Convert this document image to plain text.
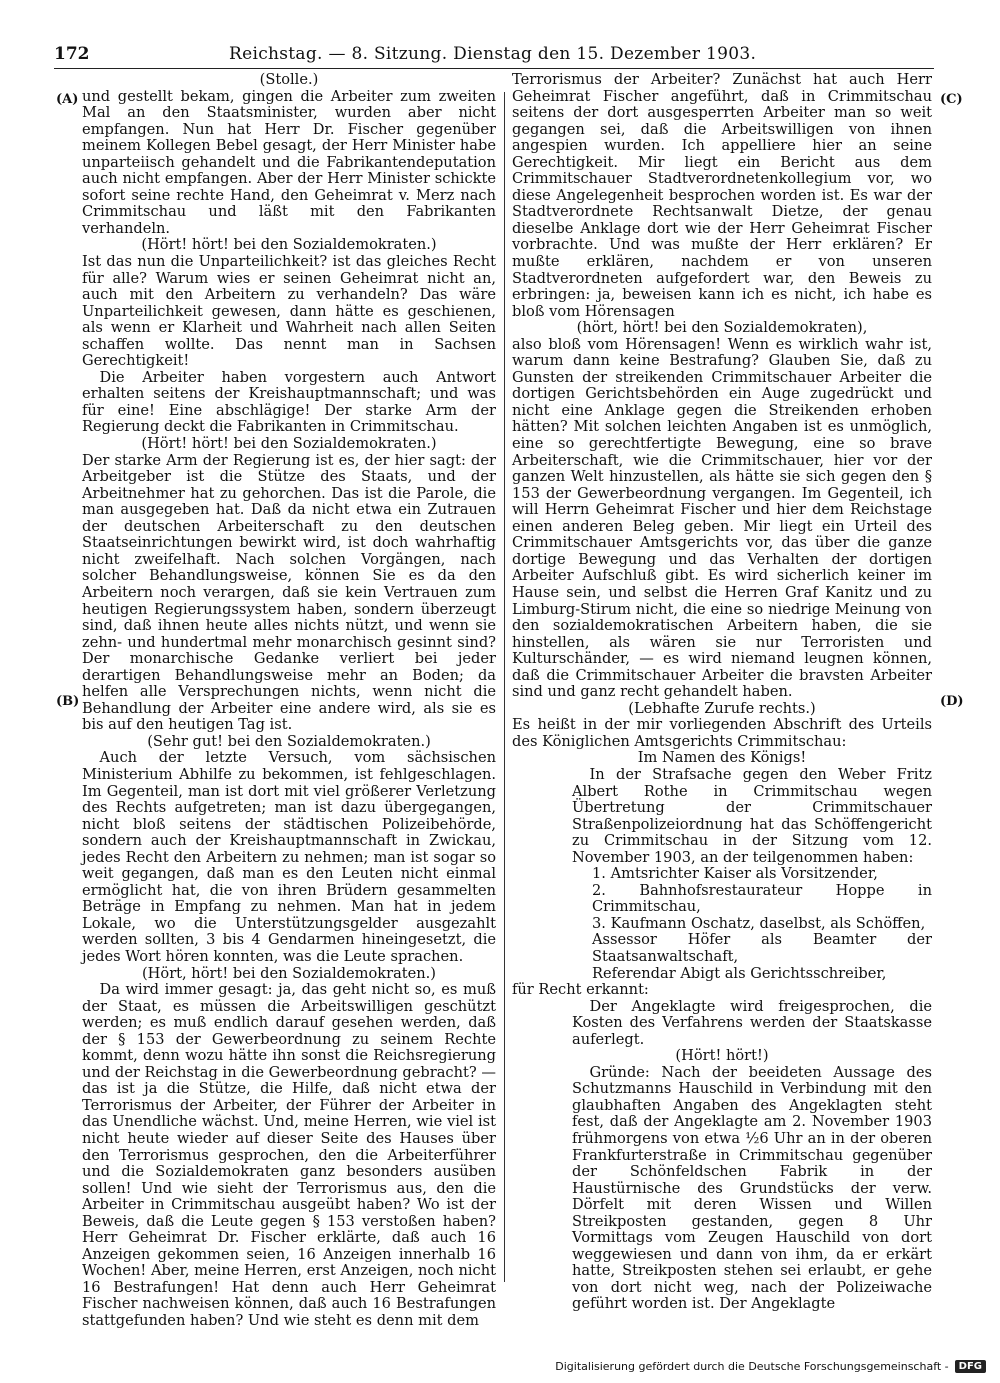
172	Reichstag. — 8. Sitzung. Dienstag den 15. Dezember 1903.
(A)
(B)
(C)
(D)

(Stolle.)

und gestellt bekam, gingen die Arbeiter zum zweiten Mal an den Staatsminister, wurden aber nicht empfangen. Nun hat Herr Dr. Fischer gegenüber meinem Kollegen Bebel gesagt, der Herr Minister habe unparteiisch gehandelt und die Fabrikantendeputation auch nicht empfangen. Aber der Herr Minister schickte sofort seine rechte Hand, den Geheimrat v. Merz nach Crimmitschau und läßt mit den Fabrikanten verhandeln.

(Hört! hört! bei den Sozialdemokraten.)

Ist das nun die Unparteilichkeit? ist das gleiches Recht für alle? Warum wies er seinen Geheimrat nicht an, auch mit den Arbeitern zu verhandeln? Das wäre Unparteilichkeit gewesen, dann hätte es geschienen, als wenn er Klarheit und Wahrheit nach allen Seiten schaffen wollte. Das nennt man in Sachsen Gerechtigkeit!

Die Arbeiter haben vorgestern auch Antwort erhalten seitens der Kreishauptmannschaft; und was für eine! Eine abschlägige! Der starke Arm der Regierung deckt die Fabrikanten in Crimmitschau.

(Hört! hört! bei den Sozialdemokraten.)

Der starke Arm der Regierung ist es, der hier sagt: der Arbeitgeber ist die Stütze des Staats, und der Arbeitnehmer hat zu gehorchen. Das ist die Parole, die man ausgegeben hat. Daß da nicht etwa ein Zutrauen der deutschen Arbeiterschaft zu den deutschen Staatseinrichtungen bewirkt wird, ist doch wahrhaftig nicht zweifelhaft. Nach solchen Vorgängen, nach solcher Behandlungsweise, können Sie es da den Arbeitern noch verargen, daß sie kein Vertrauen zum heutigen Regierungssystem haben, sondern überzeugt sind, daß ihnen heute alles nichts nützt, und wenn sie zehn- und hundertmal mehr monarchisch gesinnt sind? Der monarchische Gedanke verliert bei jeder derartigen Behandlungsweise mehr an Boden; da helfen alle Versprechungen nichts, wenn nicht die Behandlung der Arbeiter eine andere wird, als sie es bis auf den heutigen Tag ist.

(Sehr gut! bei den Sozialdemokraten.)

Auch der letzte Versuch, vom sächsischen Ministerium Abhilfe zu bekommen, ist fehlgeschlagen. Im Gegenteil, man ist dort mit viel größerer Verletzung des Rechts aufgetreten; man ist dazu übergegangen, nicht bloß seitens der städtischen Polizeibehörde, sondern auch der Kreishauptmannschaft in Zwickau, jedes Recht den Arbeitern zu nehmen; man ist sogar so weit gegangen, daß man es den Leuten nicht einmal ermöglicht hat, die von ihren Brüdern gesammelten Beträge in Empfang zu nehmen. Man hat in jedem Lokale, wo die Unterstützungsgelder ausgezahlt werden sollten, 3 bis 4 Gendarmen hineingesetzt, die jedes Wort hören konnten, was die Leute sprachen.

(Hört, hört! bei den Sozialdemokraten.)

Da wird immer gesagt: ja, das geht nicht so, es muß der Staat, es müssen die Arbeitswilligen geschützt werden; es muß endlich darauf gesehen werden, daß der § 153 der Gewerbeordnung zu seinem Rechte kommt, denn wozu hätte ihn sonst die Reichsregierung und der Reichstag in die Gewerbeordnung gebracht? — das ist ja die Stütze, die Hilfe, daß nicht etwa der Terrorismus der Arbeiter, der Führer der Arbeiter in das Unendliche wächst. Und, meine Herren, wie viel ist nicht heute wieder auf dieser Seite des Hauses über den Terrorismus gesprochen, den die Arbeiterführer und die Sozialdemokraten ganz besonders ausüben sollen! Und wie sieht der Terrorismus aus, den die Arbeiter in Crimmitschau ausgeübt haben? Wo ist der Beweis, daß die Leute gegen § 153 verstoßen haben? Herr Geheimrat Dr. Fischer erklärte, daß auch 16 Anzeigen gekommen seien, 16 Anzeigen innerhalb 16 Wochen! Aber, meine Herren, erst Anzeigen, noch nicht 16 Bestrafungen! Hat denn auch Herr Geheimrat Fischer nachweisen können, daß auch 16 Bestrafungen stattgefunden haben? Und wie steht es denn mit dem

Terrorismus der Arbeiter? Zunächst hat auch Herr Geheimrat Fischer angeführt, daß in Crimmitschau seitens der dort ausgesperrten Arbeiter man so weit gegangen sei, daß die Arbeitswilligen von ihnen angespien wurden. Ich appelliere hier an seine Gerechtigkeit. Mir liegt ein Bericht aus dem Crimmitschauer Stadtverordnetenkollegium vor, wo diese Angelegenheit besprochen worden ist. Es war der Stadtverordnete Rechtsanwalt Dietze, der genau dieselbe Anklage dort wie der Herr Geheimrat Fischer vorbrachte. Und was mußte der Herr erklären? Er mußte erklären, nachdem er von unseren Stadtverordneten aufgefordert war, den Beweis zu erbringen: ja, beweisen kann ich es nicht, ich habe es bloß vom Hörensagen

(hört, hört! bei den Sozialdemokraten),

also bloß vom Hörensagen! Wenn es wirklich wahr ist, warum dann keine Bestrafung? Glauben Sie, daß zu Gunsten der streikenden Crimmitschauer Arbeiter die dortigen Gerichtsbehörden ein Auge zugedrückt und nicht eine Anklage gegen die Streikenden erhoben hätten? Mit solchen leichten Angaben ist es unmöglich, eine so gerechtfertigte Bewegung, eine so brave Arbeiterschaft, wie die Crimmitschauer, hier vor der ganzen Welt hinzustellen, als hätte sie sich gegen den § 153 der Gewerbeordnung vergangen. Im Gegenteil, ich will Herrn Geheimrat Fischer und hier dem Reichstage einen anderen Beleg geben. Mir liegt ein Urteil des Crimmitschauer Amtsgerichts vor, das über die ganze dortige Bewegung und das Verhalten der dortigen Arbeiter Aufschluß gibt. Es wird sicherlich keiner im Hause sein, und selbst die Herren Graf Kanitz und zu Limburg-Stirum nicht, die eine so niedrige Meinung von den sozialdemokratischen Arbeitern haben, die sie hinstellen, als wären sie nur Terroristen und Kulturschänder, — es wird niemand leugnen können, daß die Crimmitschauer Arbeiter die bravsten Arbeiter sind und ganz recht gehandelt haben.

(Lebhafte Zurufe rechts.)

Es heißt in der mir vorliegenden Abschrift des Urteils des Königlichen Amtsgerichts Crimmitschau:

Im Namen des Königs!

In der Strafsache gegen den Weber Fritz Albert Rothe in Crimmitschau wegen Übertretung der Crimmitschauer Straßenpolizeiordnung hat das Schöffengericht zu Crimmitschau in der Sitzung vom 12. November 1903, an der teilgenommen haben:

1. Amtsrichter Kaiser als Vorsitzender,
2. Bahnhofsrestaurateur Hoppe in Crimmitschau,
3. Kaufmann Oschatz, daselbst, als Schöffen,
Assessor Höfer als Beamter der Staatsanwaltschaft,
Referendar Abigt als Gerichtsschreiber,

für Recht erkannt:

Der Angeklagte wird freigesprochen, die Kosten des Verfahrens werden der Staatskasse auferlegt.

(Hört! hört!)

Gründe: Nach der beeideten Aussage des Schutzmanns Hauschild in Verbindung mit den glaubhaften Angaben des Angeklagten steht fest, daß der Angeklagte am 2. November 1903 frühmorgens von etwa ½6 Uhr an in der oberen Frankfurterstraße in Crimmitschau gegenüber der Schönfeldschen Fabrik in der Haustürnische des Grundstücks der verw. Dörfelt mit deren Wissen und Willen Streikposten gestanden, gegen 8 Uhr Vormittags vom Zeugen Hauschild von dort weggewiesen und dann von ihm, da er erkärt hatte, Streikposten stehen sei erlaubt, er gehe von dort nicht weg, nach der Polizeiwache geführt worden ist. Der Angeklagte

Digitalisierung gefördert durch die Deutsche Forschungsgemeinschaft -	DFG
